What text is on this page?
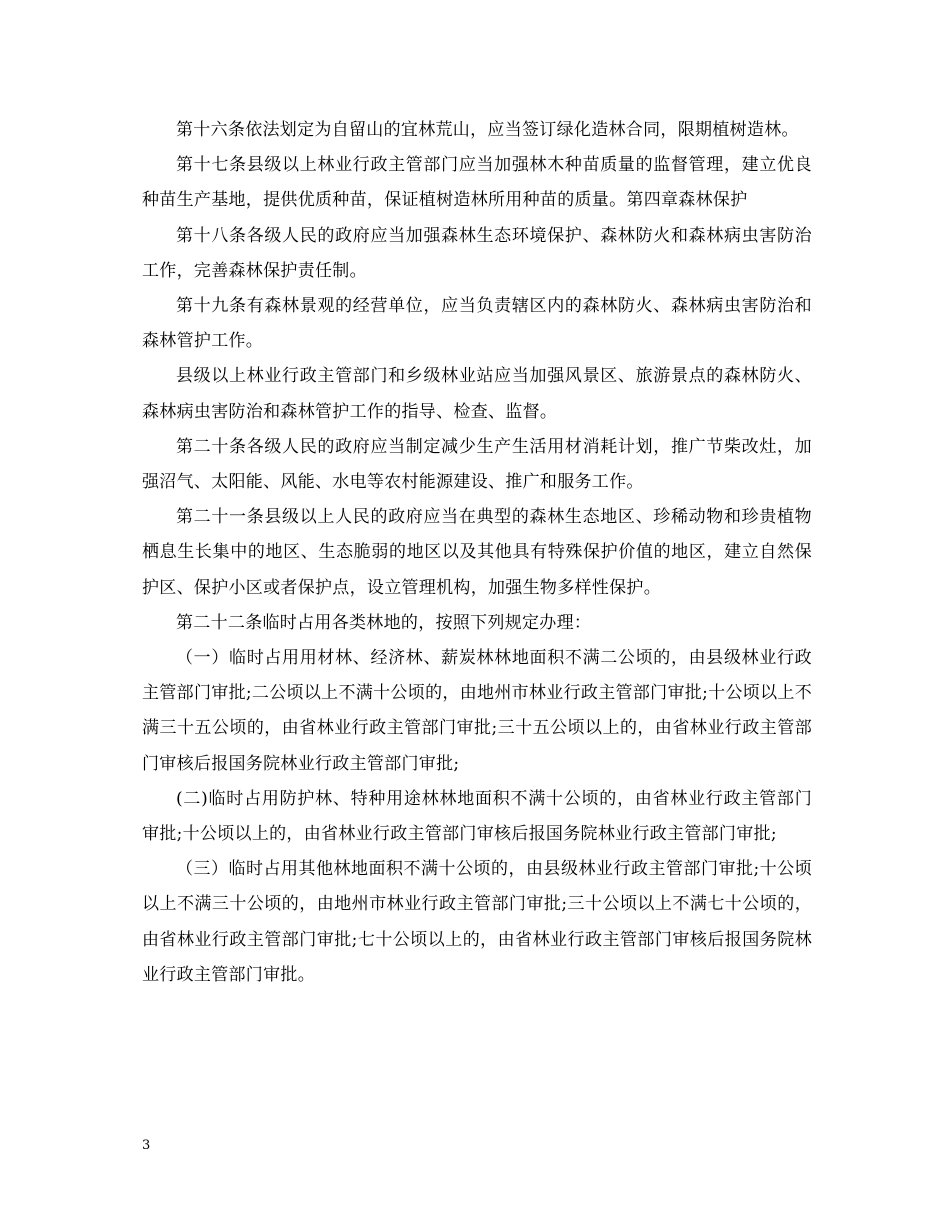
第十六条依法划定为自留山的宜林荒山，应当签订绿化造林合同，限期植树造林。

第十七条县级以上林业行政主管部门应当加强林木种苗质量的监督管理，建立优良种苗生产基地，提供优质种苗，保证植树造林所用种苗的质量。第四章森林保护

第十八条各级人民的政府应当加强森林生态环境保护、森林防火和森林病虫害防治工作，完善森林保护责任制。

第十九条有森林景观的经营单位，应当负责辖区内的森林防火、森林病虫害防治和森林管护工作。

县级以上林业行政主管部门和乡级林业站应当加强风景区、旅游景点的森林防火、森林病虫害防治和森林管护工作的指导、检查、监督。

第二十条各级人民的政府应当制定减少生产生活用材消耗计划，推广节柴改灶，加强沼气、太阳能、风能、水电等农村能源建设、推广和服务工作。

第二十一条县级以上人民的政府应当在典型的森林生态地区、珍稀动物和珍贵植物栖息生长集中的地区、生态脆弱的地区以及其他具有特殊保护价值的地区，建立自然保护区、保护小区或者保护点，设立管理机构，加强生物多样性保护。

第二十二条临时占用各类林地的，按照下列规定办理：

（一）临时占用用材林、经济林、薪炭林林地面积不满二公顷的，由县级林业行政主管部门审批;二公顷以上不满十公顷的，由地州市林业行政主管部门审批;十公顷以上不满三十五公顷的，由省林业行政主管部门审批;三十五公顷以上的，由省林业行政主管部门审核后报国务院林业行政主管部门审批;

(二)临时占用防护林、特种用途林林地面积不满十公顷的，由省林业行政主管部门审批;十公顷以上的，由省林业行政主管部门审核后报国务院林业行政主管部门审批;

（三）临时占用其他林地面积不满十公顷的，由县级林业行政主管部门审批;十公顷以上不满三十公顷的，由地州市林业行政主管部门审批;三十公顷以上不满七十公顷的，由省林业行政主管部门审批;七十公顷以上的，由省林业行政主管部门审核后报国务院林业行政主管部门审批。

3
